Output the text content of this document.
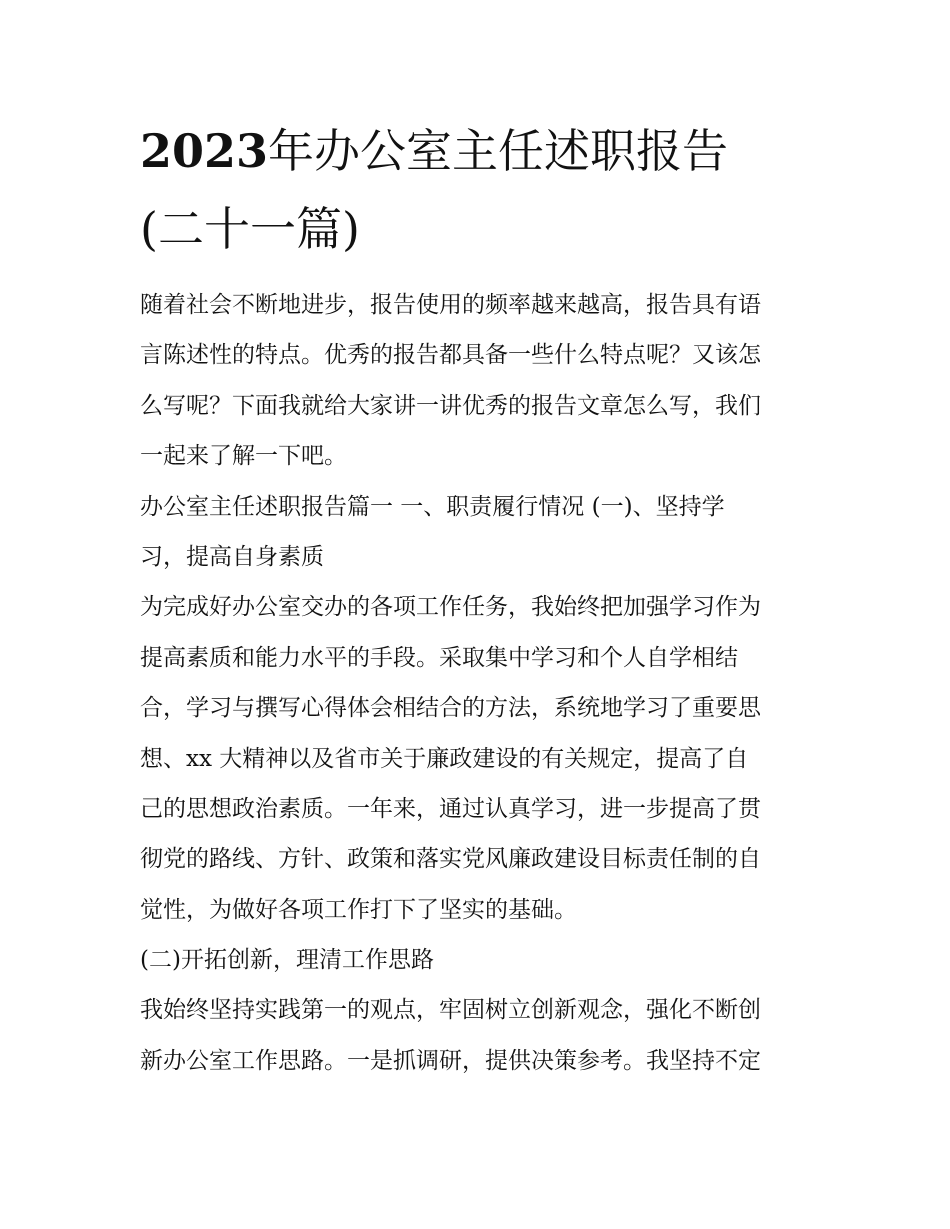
2023年办公室主任述职报告
(二十一篇)
随着社会不断地进步，报告使用的频率越来越高，报告具有语
言陈述性的特点。优秀的报告都具备一些什么特点呢？又该怎
么写呢？下面我就给大家讲一讲优秀的报告文章怎么写，我们
一起来了解一下吧。
办公室主任述职报告篇一 一、职责履行情况 (一)、坚持学
习，提高自身素质
为完成好办公室交办的各项工作任务，我始终把加强学习作为
提高素质和能力水平的手段。采取集中学习和个人自学相结
合，学习与撰写心得体会相结合的方法，系统地学习了重要思
想、xx 大精神以及省市关于廉政建设的有关规定，提高了自
己的思想政治素质。一年来，通过认真学习，进一步提高了贯
彻党的路线、方针、政策和落实党风廉政建设目标责任制的自
觉性，为做好各项工作打下了坚实的基础。
(二)开拓创新，理清工作思路
我始终坚持实践第一的观点，牢固树立创新观念，强化不断创
新办公室工作思路。一是抓调研，提供决策参考。我坚持不定
